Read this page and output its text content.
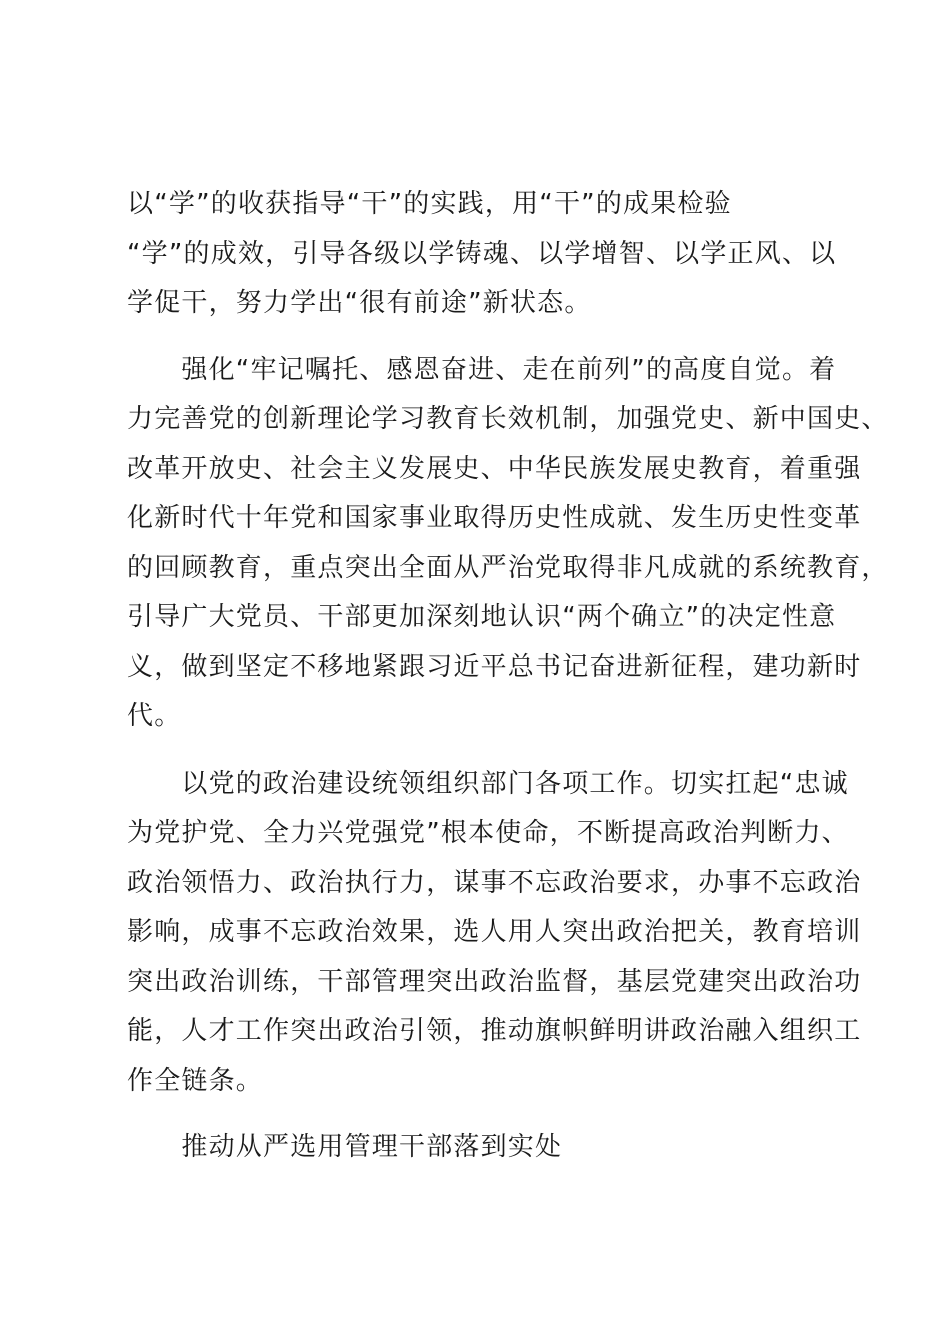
以“学”的收获指导“干”的实践，用“干”的成果检验
“学”的成效，引导各级以学铸魂、以学增智、以学正风、以
学促干，努力学出“很有前途”新状态。

　　强化“牢记嘱托、感恩奋进、走在前列”的高度自觉。着
力完善党的创新理论学习教育长效机制，加强党史、新中国史、
改革开放史、社会主义发展史、中华民族发展史教育，着重强
化新时代十年党和国家事业取得历史性成就、发生历史性变革
的回顾教育，重点突出全面从严治党取得非凡成就的系统教育，
引导广大党员、干部更加深刻地认识“两个确立”的决定性意
义，做到坚定不移地紧跟习近平总书记奋进新征程，建功新时
代。

　　以党的政治建设统领组织部门各项工作。切实扛起“忠诚
为党护党、全力兴党强党”根本使命，不断提高政治判断力、
政治领悟力、政治执行力，谋事不忘政治要求，办事不忘政治
影响，成事不忘政治效果，选人用人突出政治把关，教育培训
突出政治训练，干部管理突出政治监督，基层党建突出政治功
能，人才工作突出政治引领，推动旗帜鲜明讲政治融入组织工
作全链条。

　　推动从严选用管理干部落到实处
